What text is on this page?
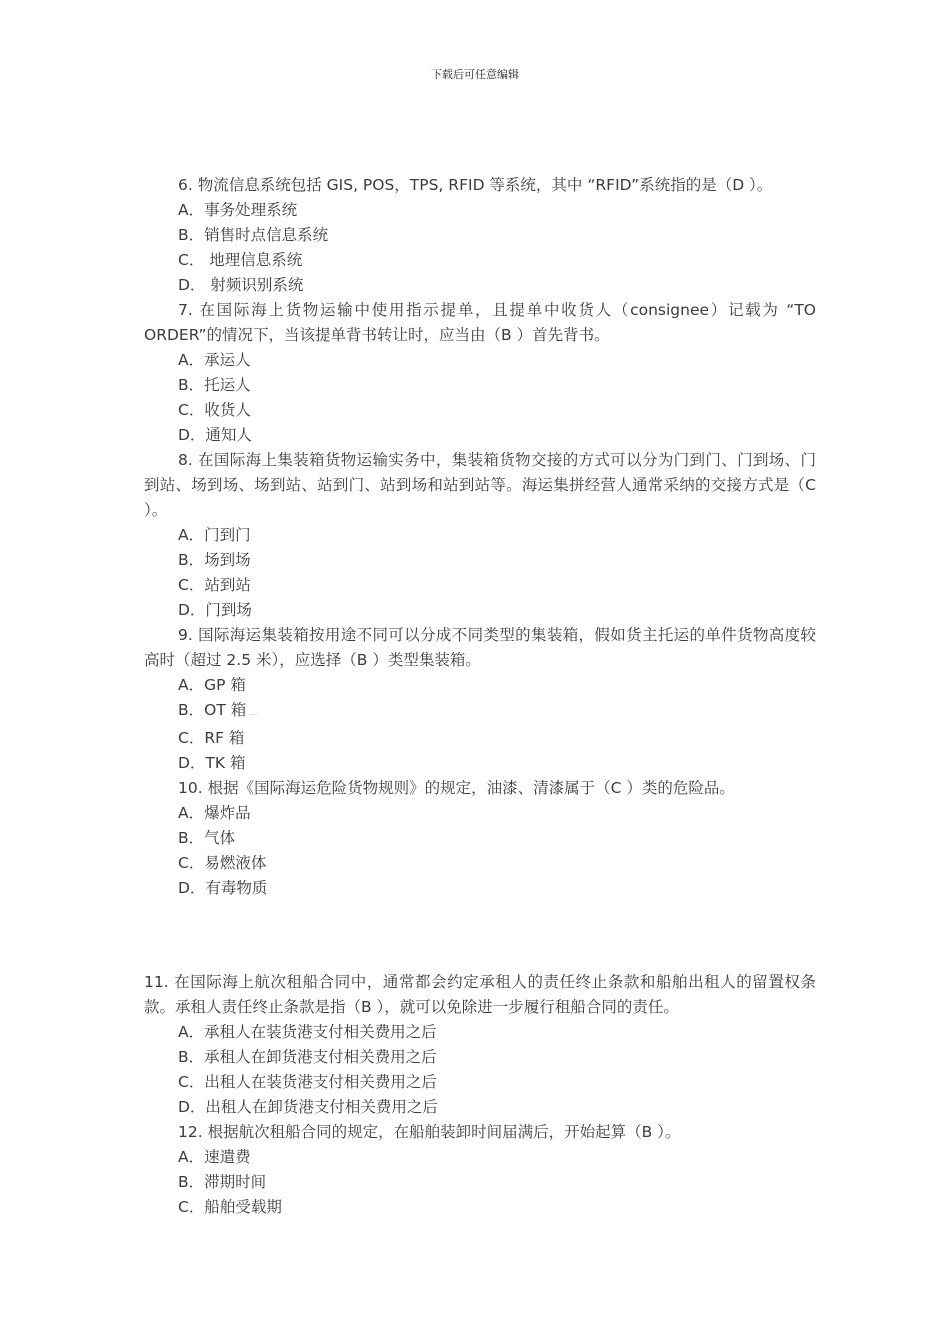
下载后可任意编辑

6. 物流信息系统包括 GIS, POS，TPS, RFID 等系统，其中 “RFID”系统指的是（D ）。

A．事务处理系统

B．销售时点信息系统

C． 地理信息系统

D． 射频识别系统

7. 在国际海上货物运输中使用指示提单，且提单中收货人（consignee）记载为 “TO ORDER”的情况下，当该提单背书转让时，应当由（B ）首先背书。

A．承运人

B．托运人

C．收货人

D．通知人

8. 在国际海上集装箱货物运输实务中，集装箱货物交接的方式可以分为门到门、门到场、门到站、场到场、场到站、站到门、站到场和站到站等。海运集拼经营人通常采纳的交接方式是（C ）。

A．门到门

B．场到场

C．站到站

D．门到场

9. 国际海运集装箱按用途不同可以分成不同类型的集装箱，假如货主托运的单件货物高度较高时（超过 2.5 米），应选择（B ）类型集装箱。

A．GP 箱

B．OT 箱 …

C．RF 箱

D．TK 箱

10. 根据《国际海运危险货物规则》的规定，油漆、清漆属于（C ）类的危险品。

A．爆炸品

B．气体

C．易燃液体

D．有毒物质

11. 在国际海上航次租船合同中，通常都会约定承租人的责任终止条款和船舶出租人的留置权条款。承租人责任终止条款是指（B ），就可以免除进一步履行租船合同的责任。

A．承租人在装货港支付相关费用之后

B．承租人在卸货港支付相关费用之后

C．出租人在装货港支付相关费用之后

D．出租人在卸货港支付相关费用之后

12. 根据航次租船合同的规定，在船舶装卸时间届满后，开始起算（B ）。

A．速遣费

B．滞期时间

C．船舶受载期
